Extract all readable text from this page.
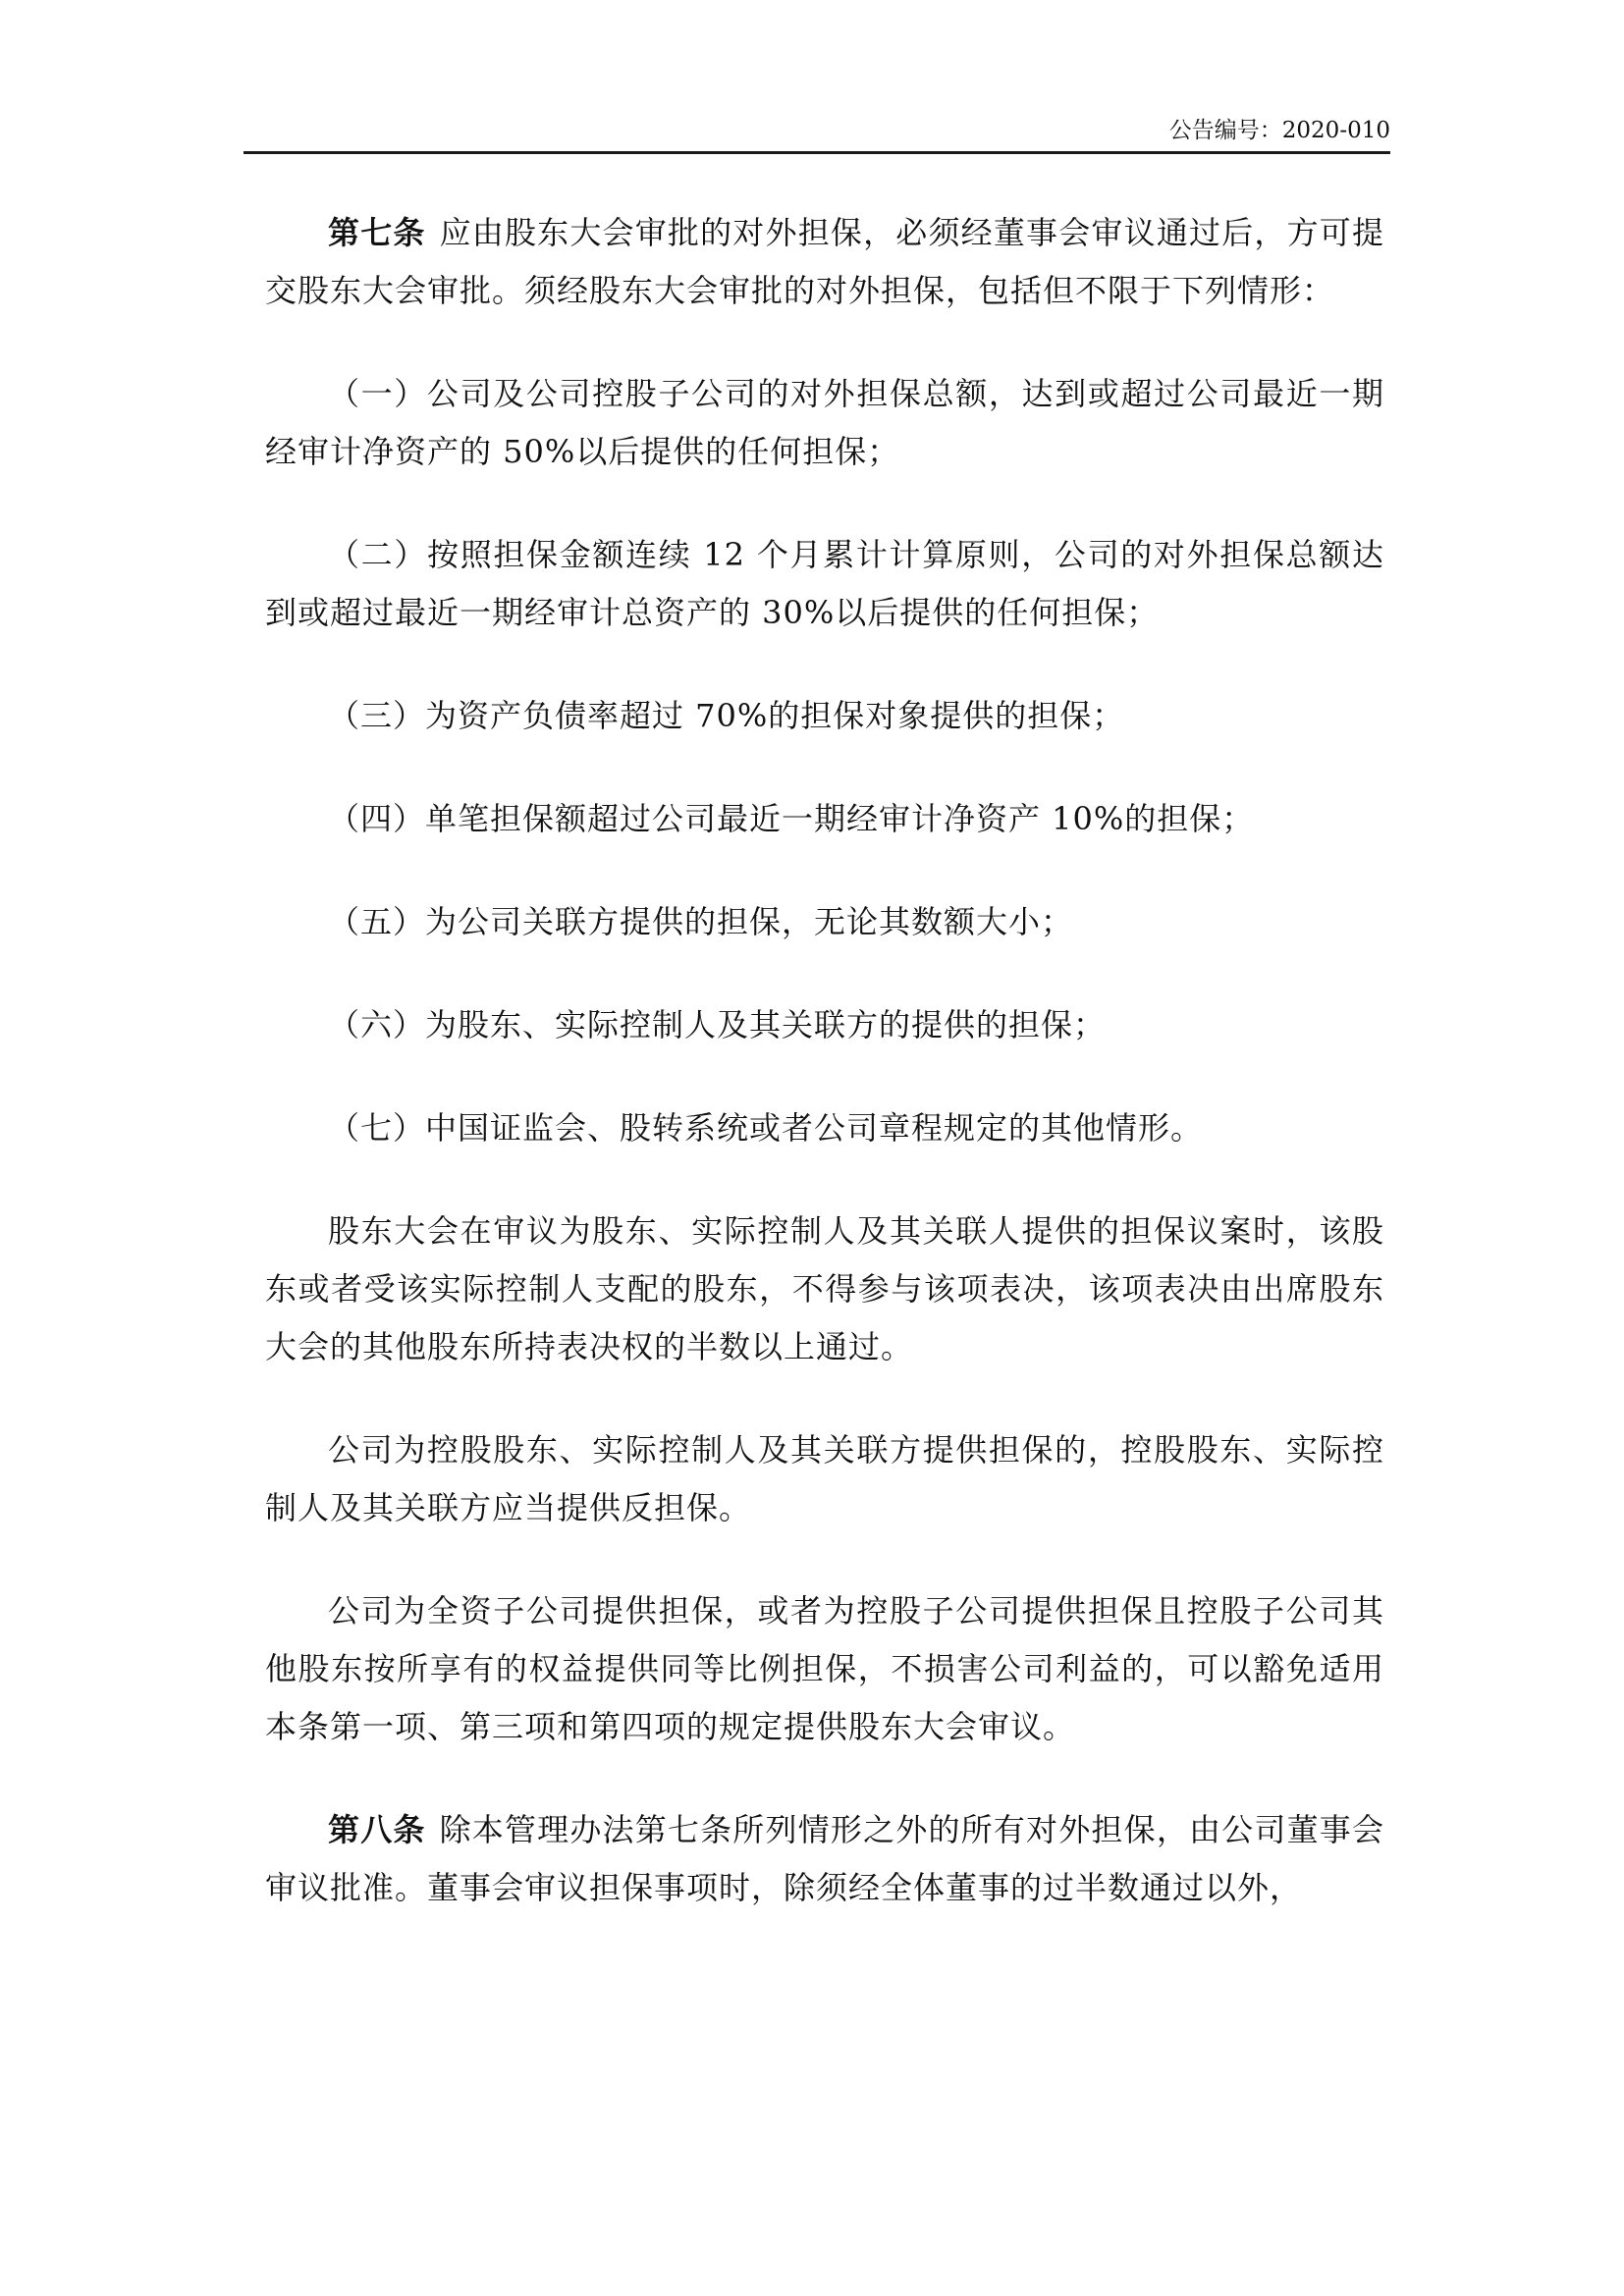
公告编号：2020-010

第七条 应由股东大会审批的对外担保，必须经董事会审议通过后，方可提交股东大会审批。须经股东大会审批的对外担保，包括但不限于下列情形：

（一）公司及公司控股子公司的对外担保总额，达到或超过公司最近一期经审计净资产的 50%以后提供的任何担保；

（二）按照担保金额连续 12 个月累计计算原则，公司的对外担保总额达到或超过最近一期经审计总资产的 30%以后提供的任何担保；

（三）为资产负债率超过 70%的担保对象提供的担保；

（四）单笔担保额超过公司最近一期经审计净资产 10%的担保；

（五）为公司关联方提供的担保，无论其数额大小；

（六）为股东、实际控制人及其关联方的提供的担保；

（七）中国证监会、股转系统或者公司章程规定的其他情形。

股东大会在审议为股东、实际控制人及其关联人提供的担保议案时，该股东或者受该实际控制人支配的股东，不得参与该项表决，该项表决由出席股东大会的其他股东所持表决权的半数以上通过。

公司为控股股东、实际控制人及其关联方提供担保的，控股股东、实际控制人及其关联方应当提供反担保。

公司为全资子公司提供担保，或者为控股子公司提供担保且控股子公司其他股东按所享有的权益提供同等比例担保，不损害公司利益的，可以豁免适用本条第一项、第三项和第四项的规定提供股东大会审议。

第八条 除本管理办法第七条所列情形之外的所有对外担保，由公司董事会审议批准。董事会审议担保事项时，除须经全体董事的过半数通过以外，
